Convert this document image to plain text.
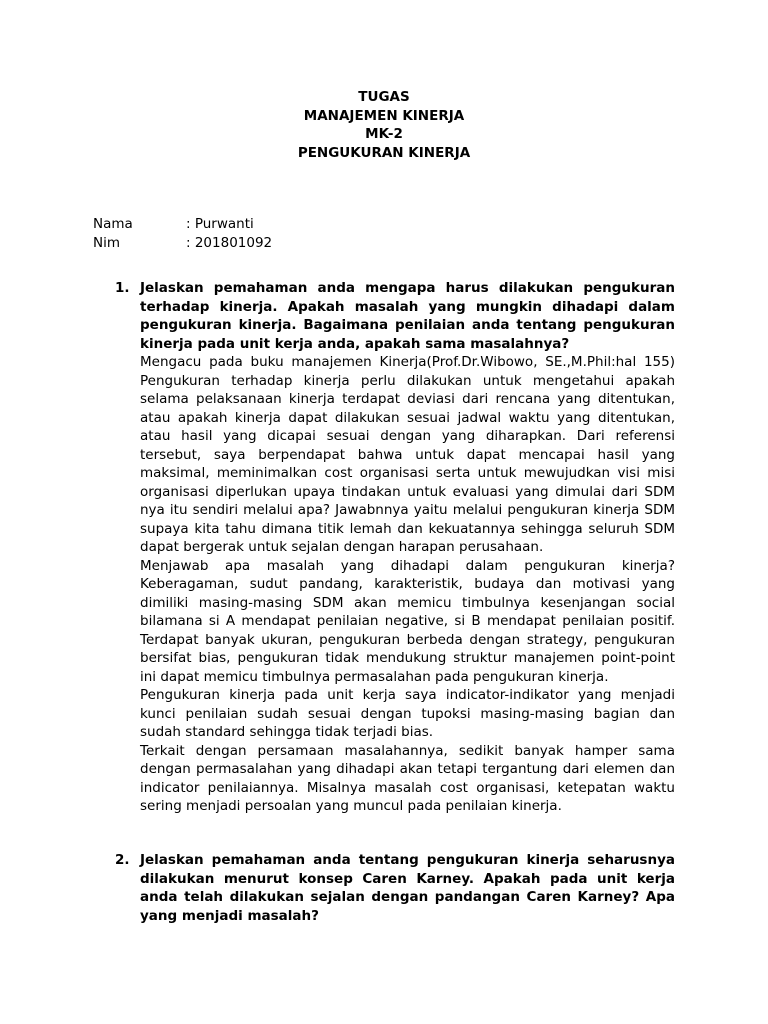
TUGAS
MANAJEMEN KINERJA
MK-2
PENGUKURAN KINERJA
Nama	: Purwanti
Nim	: 201801092
1. Jelaskan pemahaman anda mengapa harus dilakukan pengukuran terhadap kinerja. Apakah masalah yang mungkin dihadapi dalam pengukuran kinerja. Bagaimana penilaian anda tentang pengukuran kinerja pada unit kerja anda, apakah sama masalahnya?

Mengacu pada buku manajemen Kinerja(Prof.Dr.Wibowo, SE.,M.Phil:hal 155) Pengukuran terhadap kinerja perlu dilakukan untuk mengetahui apakah selama pelaksanaan kinerja terdapat deviasi dari rencana yang ditentukan, atau apakah kinerja dapat dilakukan sesuai jadwal waktu yang ditentukan, atau hasil yang dicapai sesuai dengan yang diharapkan. Dari referensi tersebut, saya berpendapat bahwa untuk dapat mencapai hasil yang maksimal, meminimalkan cost organisasi serta untuk mewujudkan visi misi organisasi diperlukan upaya tindakan untuk evaluasi yang dimulai dari SDM nya itu sendiri melalui apa? Jawabnnya yaitu melalui pengukuran kinerja SDM supaya kita tahu dimana titik lemah dan kekuatannya sehingga seluruh SDM dapat bergerak untuk sejalan dengan harapan perusahaan.

Menjawab apa masalah yang dihadapi dalam pengukuran kinerja? Keberagaman, sudut pandang, karakteristik, budaya dan motivasi yang dimiliki masing-masing SDM akan memicu timbulnya kesenjangan social bilamana si A mendapat penilaian negative, si B mendapat penilaian positif. Terdapat banyak ukuran, pengukuran berbeda dengan strategy, pengukuran bersifat bias, pengukuran tidak mendukung struktur manajemen point-point ini dapat memicu timbulnya permasalahan pada pengukuran kinerja.

Pengukuran kinerja pada unit kerja saya indicator-indikator yang menjadi kunci penilaian sudah sesuai dengan tupoksi masing-masing bagian dan sudah standard sehingga tidak terjadi bias.

Terkait dengan persamaan masalahannya, sedikit banyak hamper sama dengan permasalahan yang dihadapi akan tetapi tergantung dari elemen dan indicator penilaiannya. Misalnya masalah cost organisasi, ketepatan waktu sering menjadi persoalan yang muncul pada penilaian kinerja.

2. Jelaskan pemahaman anda tentang pengukuran kinerja seharusnya dilakukan menurut konsep Caren Karney. Apakah pada unit kerja anda telah dilakukan sejalan dengan pandangan Caren Karney? Apa yang menjadi masalah?
